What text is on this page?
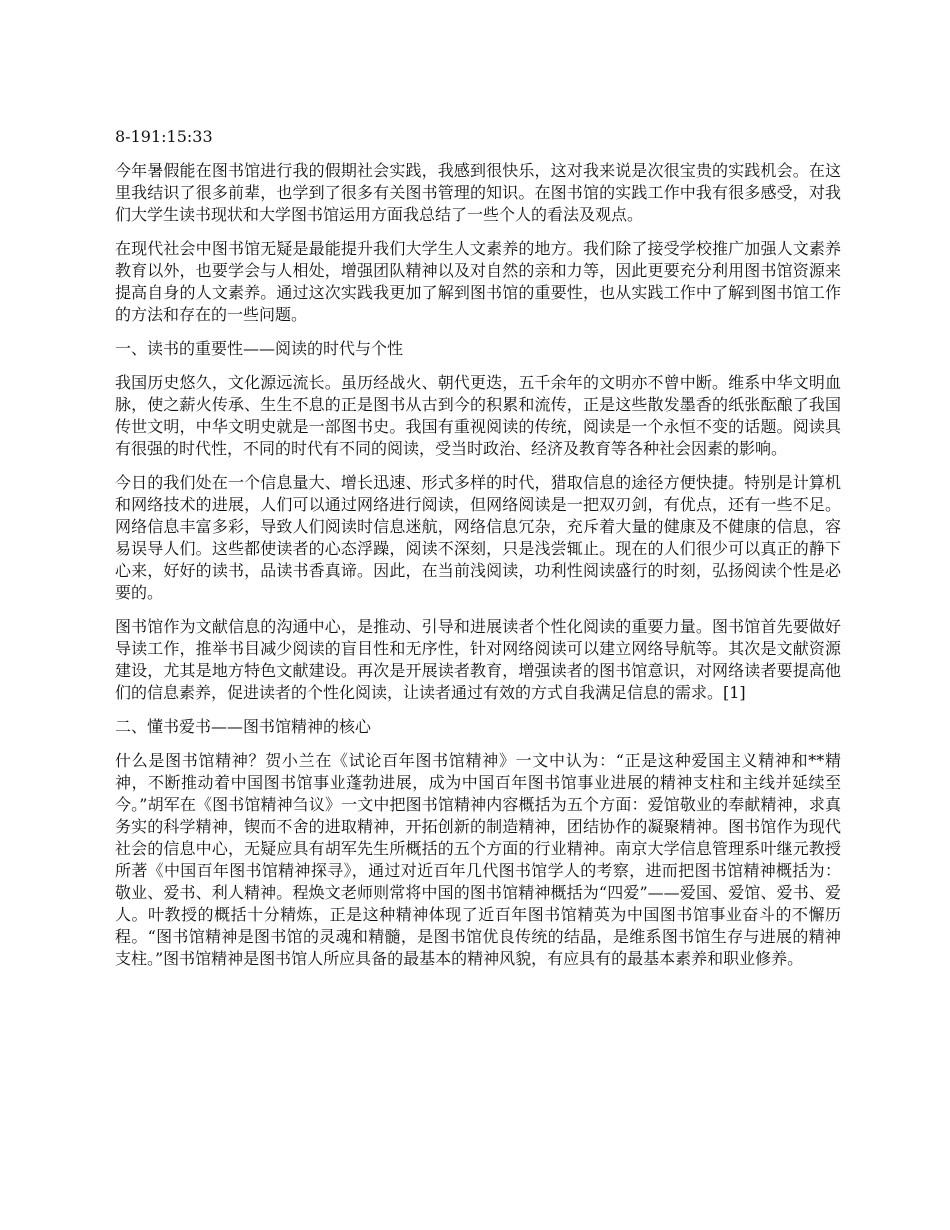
8-191:15:33

今年暑假能在图书馆进行我的假期社会实践，我感到很快乐，这对我来说是次很宝贵的实践机会。在这里我结识了很多前辈，也学到了很多有关图书管理的知识。在图书馆的实践工作中我有很多感受，对我们大学生读书现状和大学图书馆运用方面我总结了一些个人的看法及观点。

在现代社会中图书馆无疑是最能提升我们大学生人文素养的地方。我们除了接受学校推广加强人文素养教育以外，也要学会与人相处，增强团队精神以及对自然的亲和力等，因此更要充分利用图书馆资源来提高自身的人文素养。通过这次实践我更加了解到图书馆的重要性，也从实践工作中了解到图书馆工作的方法和存在的一些问题。

一、读书的重要性——阅读的时代与个性

我国历史悠久，文化源远流长。虽历经战火、朝代更迭，五千余年的文明亦不曾中断。维系中华文明血脉，使之薪火传承、生生不息的正是图书从古到今的积累和流传，正是这些散发墨香的纸张酝酿了我国传世文明，中华文明史就是一部图书史。我国有重视阅读的传统，阅读是一个永恒不变的话题。阅读具有很强的时代性，不同的时代有不同的阅读，受当时政治、经济及教育等各种社会因素的影响。

今日的我们处在一个信息量大、增长迅速、形式多样的时代，猎取信息的途径方便快捷。特别是计算机和网络技术的进展，人们可以通过网络进行阅读，但网络阅读是一把双刃剑，有优点，还有一些不足。网络信息丰富多彩，导致人们阅读时信息迷航，网络信息冗杂，充斥着大量的健康及不健康的信息，容易误导人们。这些都使读者的心态浮躁，阅读不深刻，只是浅尝辄止。现在的人们很少可以真正的静下心来，好好的读书，品读书香真谛。因此，在当前浅阅读，功利性阅读盛行的时刻，弘扬阅读个性是必要的。

图书馆作为文献信息的沟通中心，是推动、引导和进展读者个性化阅读的重要力量。图书馆首先要做好导读工作，推举书目减少阅读的盲目性和无序性，针对网络阅读可以建立网络导航等。其次是文献资源建设，尤其是地方特色文献建设。再次是开展读者教育，增强读者的图书馆意识，对网络读者要提高他们的信息素养，促进读者的个性化阅读，让读者通过有效的方式自我满足信息的需求。[1]

二、懂书爱书——图书馆精神的核心

什么是图书馆精神？贺小兰在《试论百年图书馆精神》一文中认为：“正是这种爱国主义精神和**精神，不断推动着中国图书馆事业蓬勃进展，成为中国百年图书馆事业进展的精神支柱和主线并延续至今。”胡军在《图书馆精神刍议》一文中把图书馆精神内容概括为五个方面：爱馆敬业的奉献精神，求真务实的科学精神，锲而不舍的进取精神，开拓创新的制造精神，团结协作的凝聚精神。图书馆作为现代社会的信息中心，无疑应具有胡军先生所概括的五个方面的行业精神。南京大学信息管理系叶继元教授所著《中国百年图书馆精神探寻》，通过对近百年几代图书馆学人的考察，进而把图书馆精神概括为：敬业、爱书、利人精神。程焕文老师则常将中国的图书馆精神概括为“四爱”——爱国、爱馆、爱书、爱人。叶教授的概括十分精炼，正是这种精神体现了近百年图书馆精英为中国图书馆事业奋斗的不懈历程。“图书馆精神是图书馆的灵魂和精髓，是图书馆优良传统的结晶，是维系图书馆生存与进展的精神支柱。”图书馆精神是图书馆人所应具备的最基本的精神风貌，有应具有的最基本素养和职业修养。
